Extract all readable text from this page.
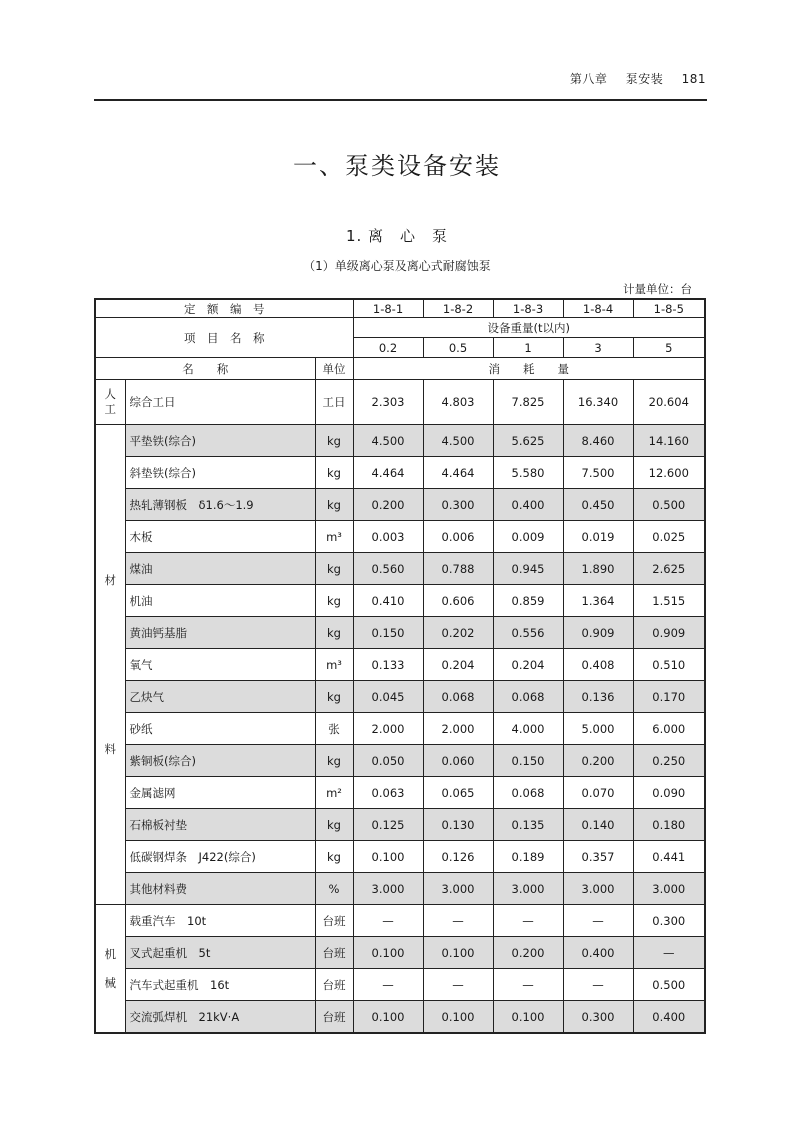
第八章 泵安装 181
一、泵类设备安装
1. 离　心　泵
（1）单级离心泵及离心式耐腐蚀泵
计量单位：台
定　额　编　号			1-8-1	1-8-2	1-8-3	1-8-4	1-8-5
项　目　名　称			设备重量(t以内)				
			0.2	0.5	1	3	5
名　　称		单位	消　　耗　　量				

人工	综合工日	工日	2.303	4.803	7.825	16.340	20.604

材
料	平垫铁(综合)	kg	4.500	4.500	5.625	8.460	14.160
	斜垫铁(综合)	kg	4.464	4.464	5.580	7.500	12.600
	热轧薄钢板　δ1.6～1.9	kg	0.200	0.300	0.400	0.450	0.500
	木板	m³	0.003	0.006	0.009	0.019	0.025
	煤油	kg	0.560	0.788	0.945	1.890	2.625
	机油	kg	0.410	0.606	0.859	1.364	1.515
	黄油钙基脂	kg	0.150	0.202	0.556	0.909	0.909
	氧气	m³	0.133	0.204	0.204	0.408	0.510
	乙炔气	kg	0.045	0.068	0.068	0.136	0.170
	砂纸	张	2.000	2.000	4.000	5.000	6.000
	紫铜板(综合)	kg	0.050	0.060	0.150	0.200	0.250
	金属滤网	m²	0.063	0.065	0.068	0.070	0.090
	石棉板衬垫	kg	0.125	0.130	0.135	0.140	0.180
	低碳钢焊条　J422(综合)	kg	0.100	0.126	0.189	0.357	0.441
	其他材料费	%	3.000	3.000	3.000	3.000	3.000

机
械	载重汽车　10t	台班	—	—	—	—	0.300
	叉式起重机　5t	台班	0.100	0.100	0.200	0.400	—
	汽车式起重机　16t	台班	—	—	—	—	0.500
	交流弧焊机　21kV·A	台班	0.100	0.100	0.100	0.300	0.400
